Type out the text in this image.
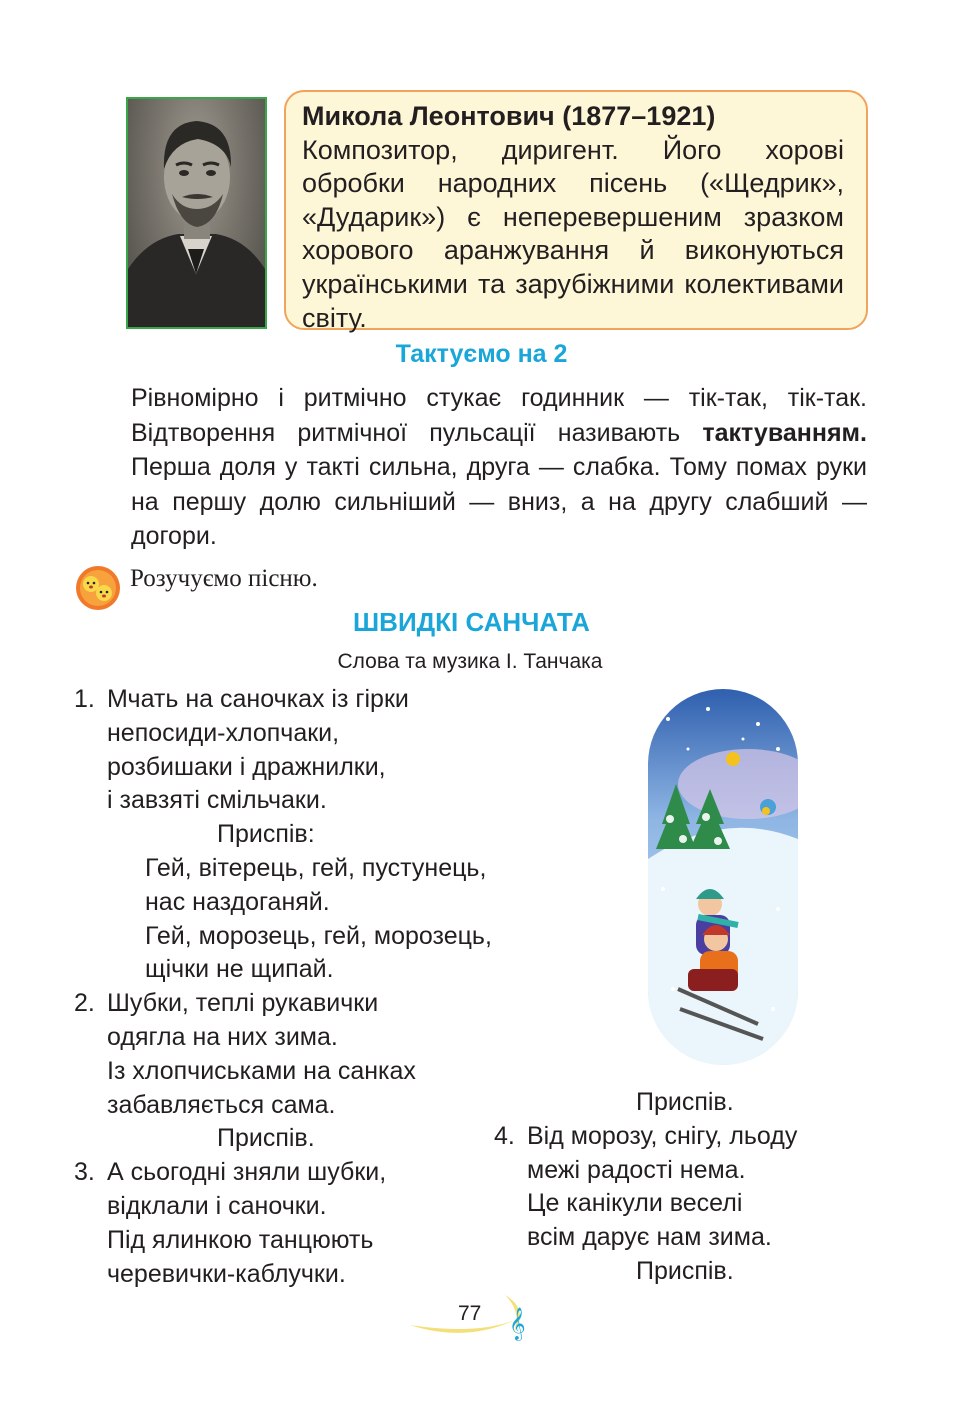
Микола Леонтович (1877–1921)
Композитор, диригент. Його хорові обробки народних пісень («Щедрик», «Дударик») є неперевершеним зразком хорового аранжування й виконуються українськими та зарубіжними колективами світу.
Тактуємо на 2
Рівномірно і ритмічно стукає годинник — тік-так, тік-так. Відтворення ритмічної пульсації називають тактуванням. Перша доля у такті сильна, друга — слабка. Тому помах руки на першу долю сильніший — вниз, а на другу слабший — догори.
Розучуємо пісню.
ШВИДКІ САНЧАТА
Слова та музика І. Танчака
1. Мчать на саночках із гірки
непосиди-хлопчаки,
розбишаки і дражнилки,
і завзяті смільчаки.
Приспів:
Гей, вітерець, гей, пустунець,
нас наздоганяй.
Гей, морозець, гей, морозець,
щічки не щипай.
2. Шубки, теплі рукавички
одягла на них зима.
Із хлопчиськами на санках
забавляється сама.
Приспів.
3. А сьогодні зняли шубки,
відклали і саночки.
Під ялинкою танцюють
черевички-каблучки.
Приспів.
4. Від морозу, снігу, льоду
межі радості нема.
Це канікули веселі
всім дарує нам зима.
Приспів.
𝄞
77
